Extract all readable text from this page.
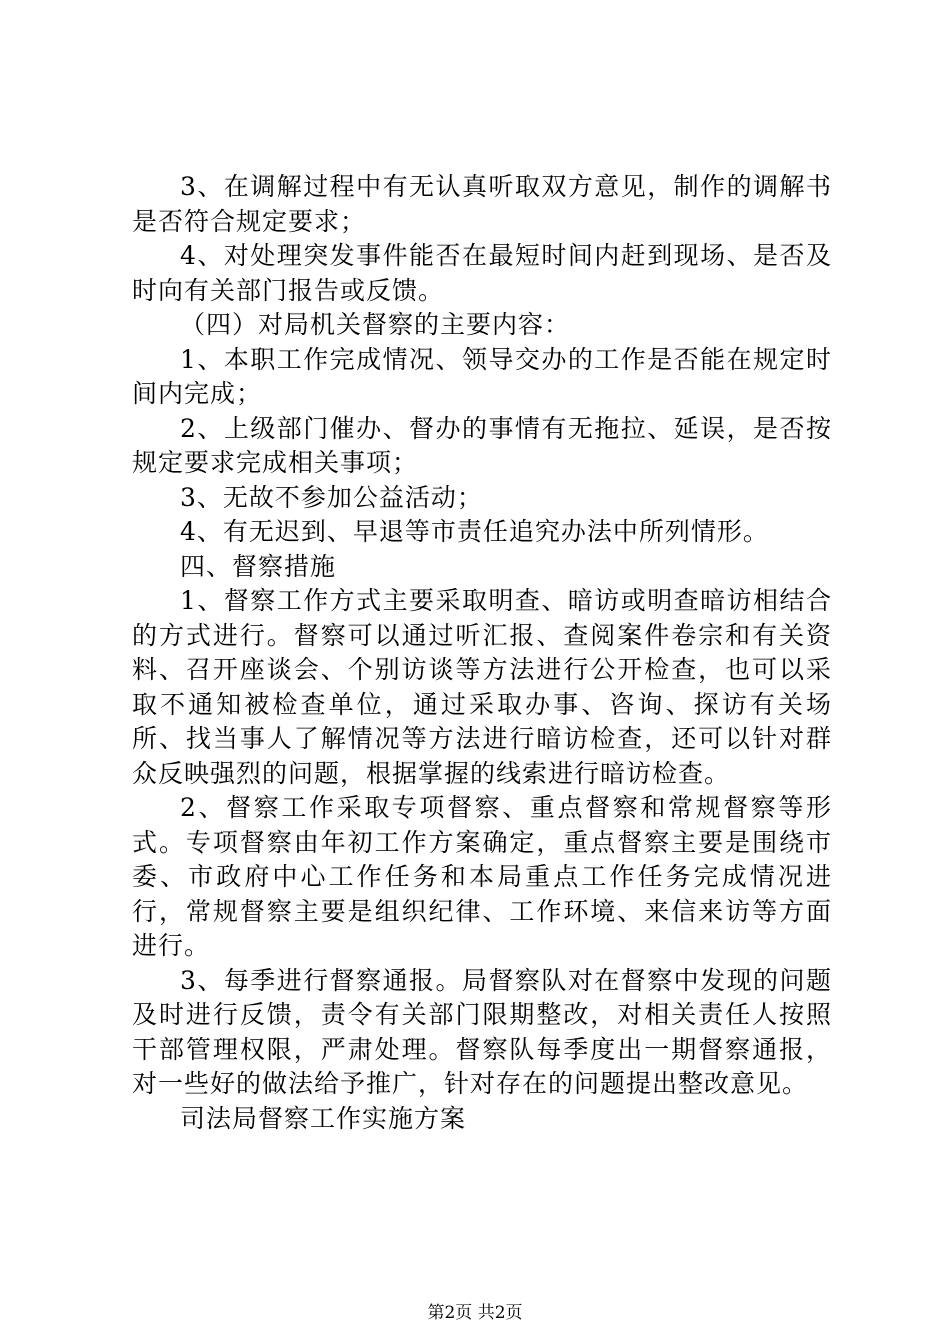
3、在调解过程中有无认真听取双方意见，制作的调解书是否符合规定要求；

4、对处理突发事件能否在最短时间内赶到现场、是否及时向有关部门报告或反馈。

（四）对局机关督察的主要内容：

1、本职工作完成情况、领导交办的工作是否能在规定时间内完成；

2、上级部门催办、督办的事情有无拖拉、延误，是否按规定要求完成相关事项；

3、无故不参加公益活动；

4、有无迟到、早退等市责任追究办法中所列情形。

四、督察措施

1、督察工作方式主要采取明查、暗访或明查暗访相结合的方式进行。督察可以通过听汇报、查阅案件卷宗和有关资料、召开座谈会、个别访谈等方法进行公开检查，也可以采取不通知被检查单位，通过采取办事、咨询、探访有关场所、找当事人了解情况等方法进行暗访检查，还可以针对群众反映强烈的问题，根据掌握的线索进行暗访检查。

2、督察工作采取专项督察、重点督察和常规督察等形式。专项督察由年初工作方案确定，重点督察主要是围绕市委、市政府中心工作任务和本局重点工作任务完成情况进行，常规督察主要是组织纪律、工作环境、来信来访等方面进行。

3、每季进行督察通报。局督察队对在督察中发现的问题及时进行反馈，责令有关部门限期整改，对相关责任人按照干部管理权限，严肃处理。督察队每季度出一期督察通报，对一些好的做法给予推广，针对存在的问题提出整改意见。

司法局督察工作实施方案

第2页 共2页
